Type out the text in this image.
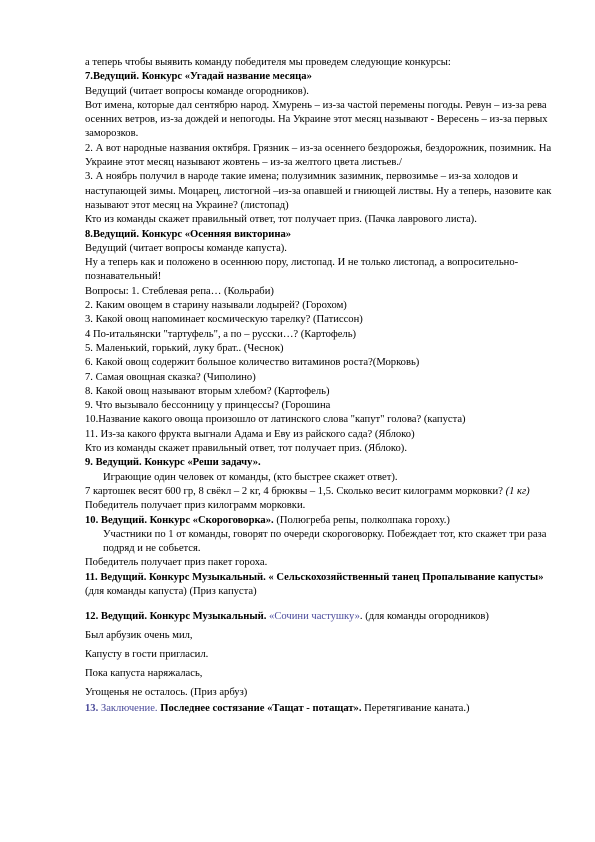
а теперь чтобы выявить команду победителя мы проведем следующие конкурсы:

7.Ведущий. Конкурс «Угадай название месяца»

Ведущий (читает вопросы команде огородников).

Вот имена, которые дал сентябрю народ. Хмурень – из-за частой перемены погоды. Ревун – из-за рева осенних ветров, из-за дождей и непогоды. На Украине этот месяц называют - Вересень – из-за первых заморозков.

2. А вот народные названия октября. Грязник – из-за осеннего бездорожья, бездорожник, позимник. На Украине этот месяц называют жовтень – из-за желтого цвета листьев./

3. А ноябрь получил в народе такие имена; полузимник зазимник, первозимье – из-за холодов и наступающей зимы. Моцарец, листогной –из-за опавшей и гниющей листвы. Ну а теперь, назовите как называют этот месяц на Украине? (листопад)

Кто из команды скажет правильный ответ, тот получает приз. (Пачка лаврового листа).

8.Ведущий. Конкурс «Осенняя викторина»

Ведущий (читает вопросы команде капуста).

Ну а теперь как и положено в осеннюю пору, листопад. И не только листопад, а вопросительно-познавательный!

Вопросы: 1. Стеблевая репа… (Кольраби)

2. Каким овощем в старину называли лодырей? (Горохом)

3. Какой овощ напоминает космическую тарелку? (Патиссон)

4 По-итальянски "тартуфель", а по – русски…? (Картофель)

5. Маленький, горький, луку брат.. (Чеснок)

6. Какой овощ содержит большое количество витаминов роста?(Морковь)

7. Самая овощная сказка? (Чиполино)

8. Какой овощ называют вторым хлебом? (Картофель)

9. Что вызывало бессонницу у принцессы? (Горошина

10.Название какого овоща произошло от латинского слова "капут" голова? (капуста)

11. Из-за какого фрукта выгнали Адама и Еву из райского сада? (Яблоко)

Кто из команды скажет правильный ответ, тот получает приз. (Яблоко).

9. Ведущий. Конкурс «Реши задачу».

Играющие один человек от команды, (кто быстрее скажет ответ).

7 картошек весят 600 гр, 8 свёкл – 2 кг, 4 брюквы – 1,5. Сколько весит килограмм морковки? (1 кг)

Победитель получает приз килограмм морковки.

10. Ведущий. Конкурс «Скороговорка». (Полюгреба репы, полколпака гороху.)

Участники по 1 от команды, говорят по очереди скороговорку. Побеждает тот, кто скажет три раза подряд и не собьется.

Победитель получает приз пакет гороха.

11. Ведущий. Конкурс Музыкальный. « Сельскохозяйственный танец Пропалывание капусты» (для команды капуста) (Приз капуста)

12. Ведущий. Конкурс Музыкальный. «Сочини частушку». (для команды огородников)

Был арбузик очень мил,

Капусту в гости пригласил.

Пока капуста наряжалась,

Угощенья не осталось. (Приз арбуз)

13. Заключение. Последнее состязание «Тащат - потащат». Перетягивание каната.)
